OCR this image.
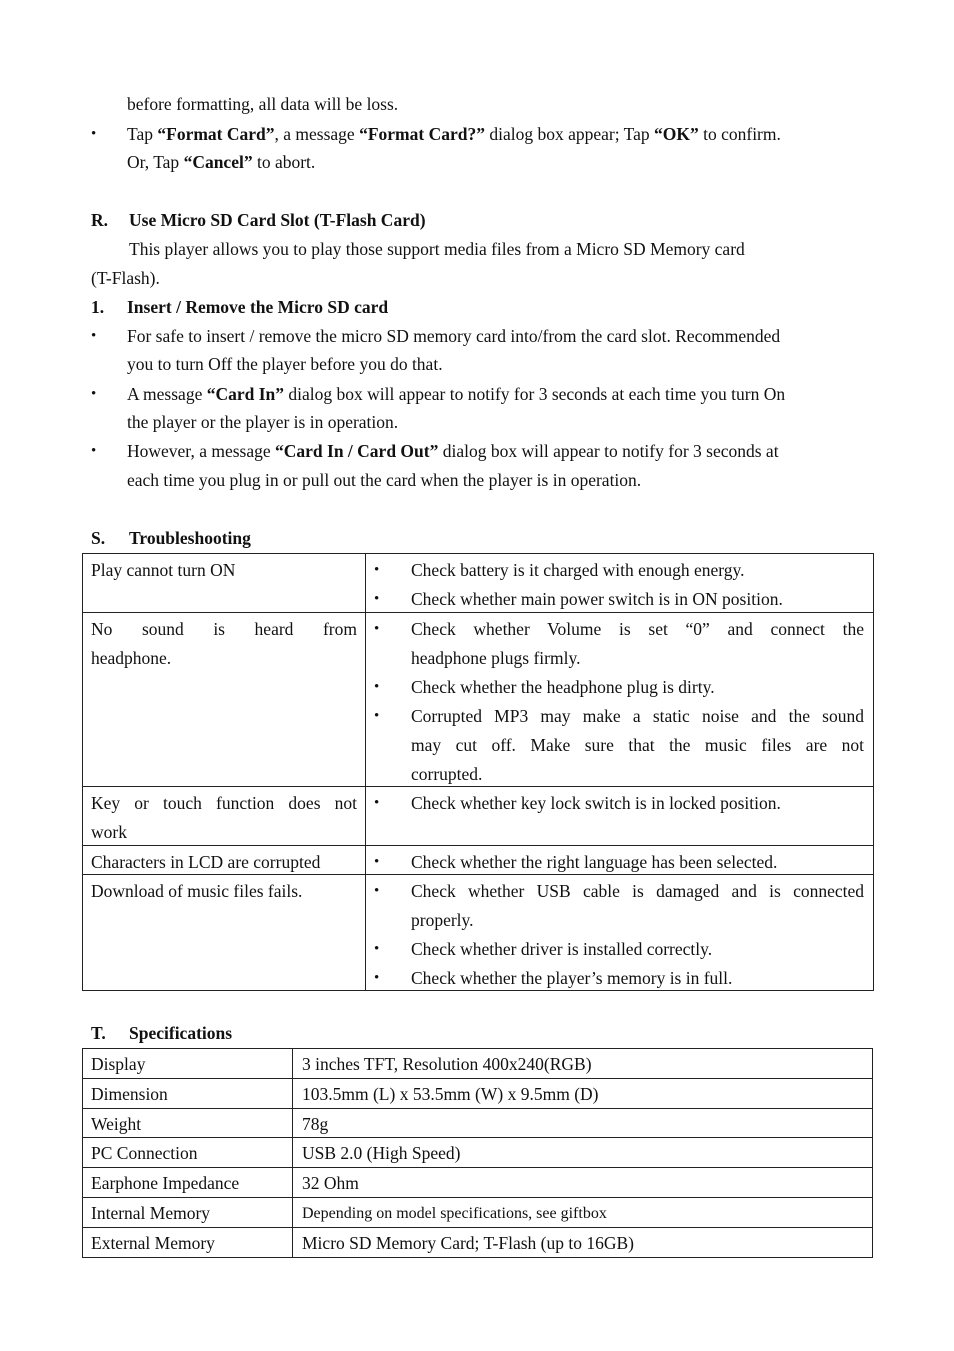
before formatting, all data will be loss.
• Tap “Format Card”, a message “Format Card?” dialog box appear; Tap “OK” to confirm.
Or, Tap “Cancel” to abort.
R. Use Micro SD Card Slot (T-Flash Card)
This player allows you to play those support media files from a Micro SD Memory card
(T-Flash).
1. Insert / Remove the Micro SD card
• For safe to insert / remove the micro SD memory card into/from the card slot. Recommended
you to turn Off the player before you do that.
• A message “Card In” dialog box will appear to notify for 3 seconds at each time you turn On
the player or the player is in operation.
• However, a message “Card In / Card Out” dialog box will appear to notify for 3 seconds at
each time you plug in or pull out the card when the player is in operation.
S. Troubleshooting
Play cannot turn ON	• Check battery is it charged with enough energy.
• Check whether main power switch is in ON position.
No sound is heard from
headphone.
• Check whether Volume is set “0” and connect the
headphone plugs firmly.
• Check whether the headphone plug is dirty.
• Corrupted MP3 may make a static noise and the sound
may cut off. Make sure that the music files are not
corrupted.
Key or touch function does not
work
• Check whether key lock switch is in locked position.
Characters in LCD are corrupted	• Check whether the right language has been selected.
Download of music files fails.	• Check whether USB cable is damaged and is connected
properly.
• Check whether driver is installed correctly.
• Check whether the player’s memory is in full.
T. Specifications
Display	3 inches TFT, Resolution 400x240(RGB)
Dimension	103.5mm (L) x 53.5mm (W) x 9.5mm (D)
Weight	78g
PC Connection	USB 2.0 (High Speed)
Earphone Impedance	32 Ohm
Internal Memory	Depending on model specifications, see giftbox
External Memory	Micro SD Memory Card; T-Flash (up to 16GB)
